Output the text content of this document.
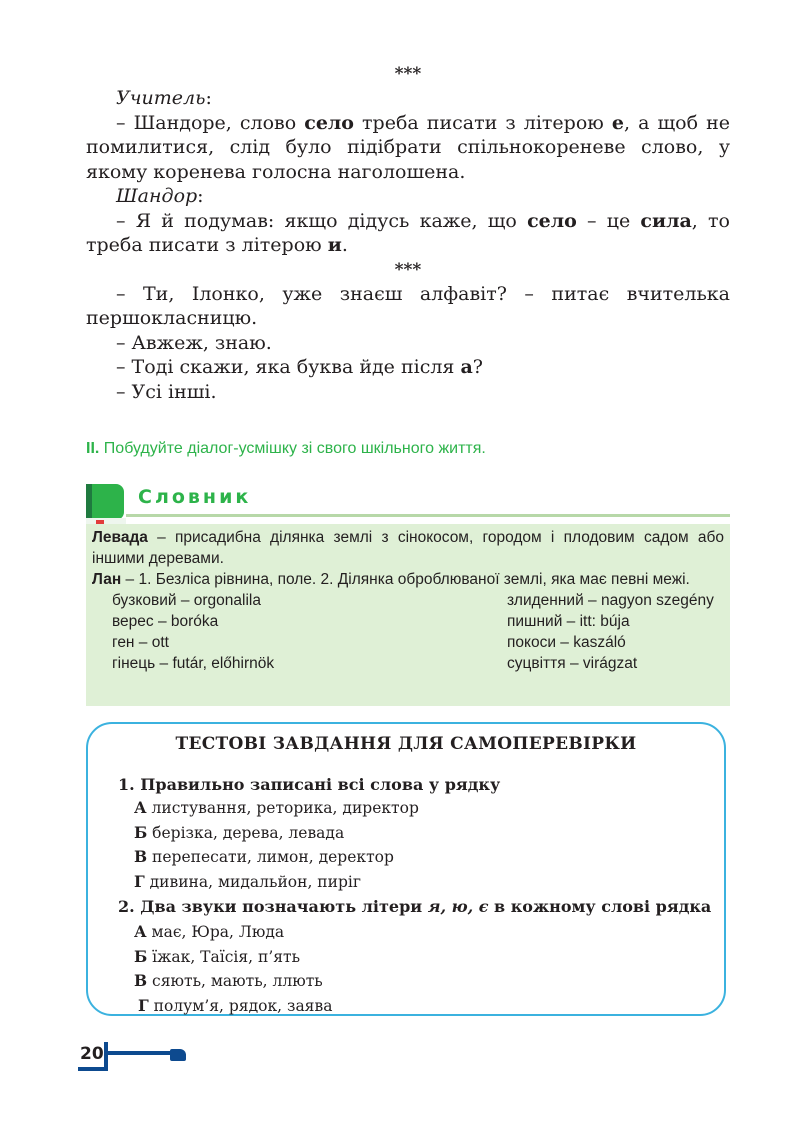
***

Учитель:

– Шандоре, слово село треба писати з літерою е, а щоб не помилитися, слід було підібрати спільнокореневе слово, у якому коренева голосна наголошена.

Шандор:

– Я й подумав: якщо дідусь каже, що село – це сила, то треба писати з літерою и.

***

– Ти, Ілонко, уже знаєш алфавіт? – питає вчителька першокласницю.

– Авжеж, знаю.

– Тоді скажи, яка буква йде після а?

– Усі інші.

II. Побудуйте діалог-усмішку зі свого шкільного життя.
Словник

Левада – присадибна ділянка землі з сінокосом, городом і плодовим садом або іншими деревами.

Лан – 1. Безліса рівнина, поле. 2. Ділянка оброблюваної землі, яка має певні межі.

бузковий – orgonalila
верес – boróka
ген – ott
гінець – futár, előhirnök
злиденний – nagyon szegény
пишний – itt: bújа
покоси – kaszáló
суцвіття – virágzat
ТЕСТОВІ ЗАВДАННЯ ДЛЯ САМОПЕРЕВІРКИ
1. Правильно записані всі слова у рядку
А листування, реторика, директор
Б берізка, дерева, левада
В перепесати, лимон, деректор
Г дивина, мидальйон, пиріг
2. Два звуки позначають літери я, ю, є в кожному слові рядка
А має, Юра, Люда
Б їжак, Таїсія, п’ять
В сяють, мають, ллють
Г полум’я, рядок, заява
20
